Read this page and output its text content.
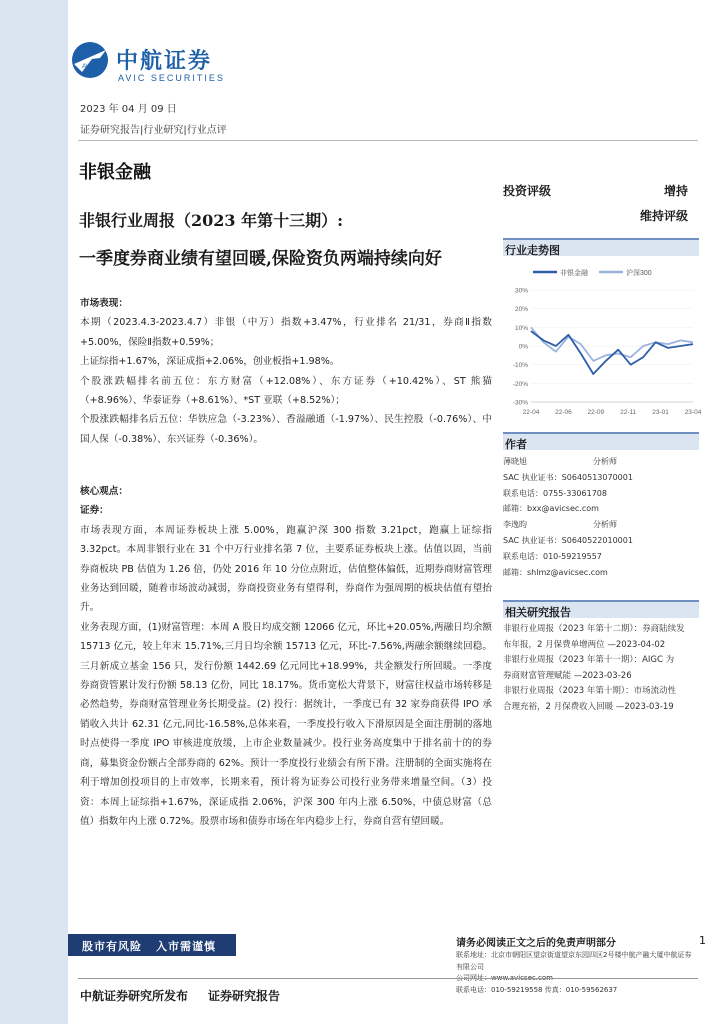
AVIC 中航证券
AVIC SECURITIES
2023 年 04 月 09 日
证券研究报告|行业研究|行业点评
非银金融
非银行业周报（2023 年第十三期）:
一季度券商业绩有望回暖,保险资负两端持续向好
投资评级	增持
维持评级
行业走势图
非银金融	沪深300
30%
20%
10%
0%
-10%
-20%
-30%
22-04 22-06 22-09 22-11 23-01 23-04
作者
薄晓旭	分析师
SAC 执业证书：S0640513070001
联系电话：0755-33061708
邮箱：bxx@avicsec.com
李逸昀	分析师
SAC 执业证书：S0640522010001
联系电话：010-59219557
邮箱：shlmz@avicsec.com
相关研究报告
非银行业周报（2023 年第十二期）：券商陆续发
布年报，2 月保费单增两位 —2023-04-02
非银行业周报（2023 年第十一期）：AIGC 为
券商财富管理赋能 —2023-03-26
非银行业周报（2023 年第十期）：市场流动性
合理充裕，2 月保费收入回暖 —2023-03-19
市场表现：
本期（2023.4.3-2023.4.7）非银（中万）指数+3.47%，行业排名 21/31，券商Ⅱ指数+5.00%，保险Ⅱ指数+0.59%；
上证综指+1.67%，深证成指+2.06%，创业板指+1.98%。
个股涨跌幅排名前五位：东方财富（+12.08%）、东方证券（+10.42%）、ST 熊猫（+8.96%）、华泰证券（+8.61%）、*ST 亚联（+8.52%）；
个股涨跌幅排名后五位：华铁应急（-3.23%）、香溢融通（-1.97%）、民生控股（-0.76%）、中国人保（-0.38%）、东兴证券（-0.36%）。
核心观点：
证券：
市场表现方面，本周证券板块上涨 5.00%，跑赢沪深 300 指数 3.21pct，跑赢上证综指 3.32pct。本周非银行业在 31 个中万行业排名第 7 位，主要系证券板块上涨。估值以固，当前券商板块 PB 估值为 1.26 倍，仍处 2016 年 10 分位点附近，估值整体偏低，近期券商财富管理业务达到回暖，随着市场波动减弱，券商投资业务有望得利，券商作为强周期的板块估值有望抬升。
业务表现方面，(1)财富管理：本周 A 股日均成交额 12066 亿元，环比+20.05%,两融日均余额 15713 亿元，较上年末 15.71%,三月日均余额 15713 亿元，环比-7.56%,两融余额继续回稳。三月新成立基金 156 只，发行份额 1442.69 亿元同比+18.99%，共金额发行所回暖。一季度券商资管累计发行份额 58.13 亿份，同比 18.17%。货币宽松大背景下，财富往权益市场转移是必然趋势，券商财富管理业务长期受益。(2) 投行：据统计，一季度已有 32 家券商获得 IPO 承销收入共计 62.31 亿元,同比-16.58%,总体来看，一季度投行收入下滑原因是全面注册制的落地时点使得一季度 IPO 审核进度放缓，上市企业数量减少。投行业务高度集中于排名前十的的券商，募集资金份额占全部券商的 62%。预计一季度投行业绩会有所下滑。注册制的全面实施将在利于增加创投项目的上市效率，长期来看，预计将为证券公司投行业务带来增量空间。（3）投资：本周上证综指+1.67%，深证成指 2.06%，沪深 300 年内上涨 6.50%，中债总财富（总值）指数年内上涨 0.72%。股票市场和债券市场在年内稳步上行，券商自营有望回暖。
股市有风险 入市需谨慎	请务必阅读正文之后的免责声明部分	1
联系地址：北京市朝阳区望京街道望京东园四区2号楼中航产融大厦中航证券有限公司
公司网址：www.avicsec.com
联系电话：010-59219558 传真：010-59562637
中航证券研究所发布 证券研究报告
